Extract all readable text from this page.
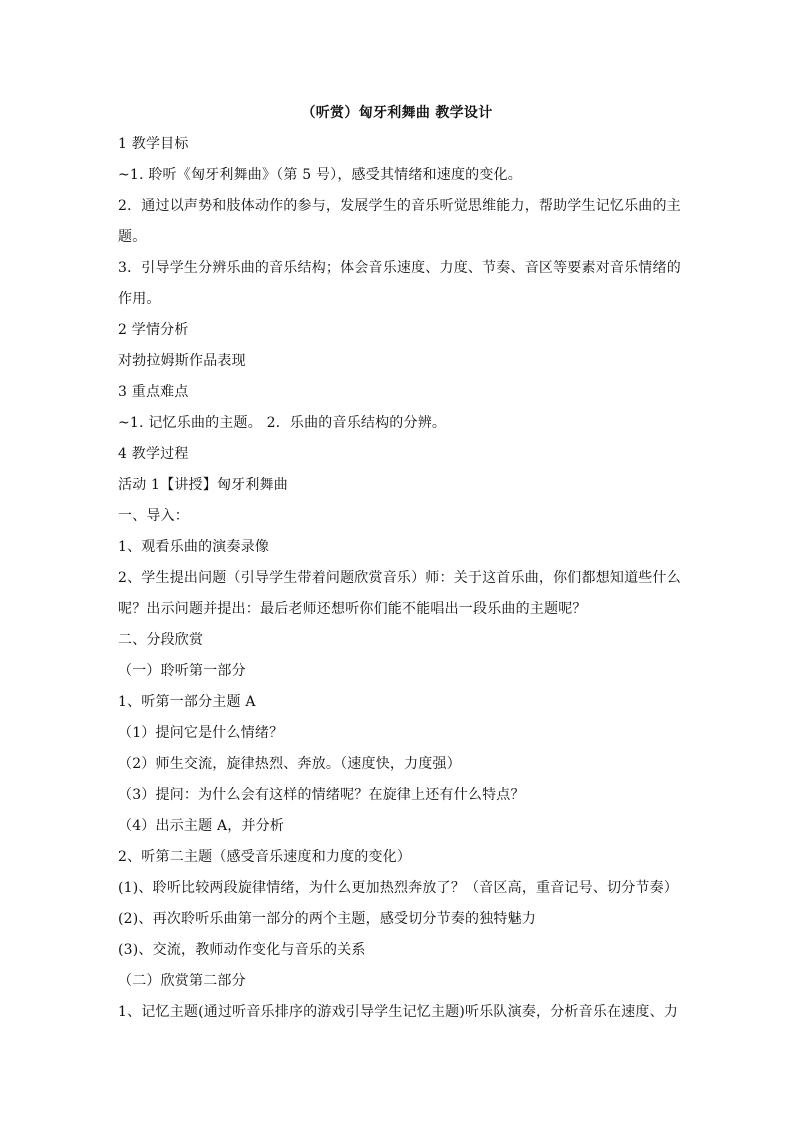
（听赏）匈牙利舞曲 教学设计
1 教学目标
~1. 聆听《匈牙利舞曲》（第 5 号），感受其情绪和速度的变化。
2．通过以声势和肢体动作的参与，发展学生的音乐听觉思维能力，帮助学生记忆乐曲的主
题。
3．引导学生分辨乐曲的音乐结构；体会音乐速度、力度、节奏、音区等要素对音乐情绪的
作用。
2 学情分析
对勃拉姆斯作品表现
3 重点难点
~1. 记忆乐曲的主题。 2．乐曲的音乐结构的分辨。
4 教学过程
活动 1【讲授】匈牙利舞曲
一、导入：
1、观看乐曲的演奏录像
2、学生提出问题（引导学生带着问题欣赏音乐）师：关于这首乐曲，你们都想知道些什么
呢？出示问题并提出：最后老师还想听你们能不能唱出一段乐曲的主题呢？
二、分段欣赏
（一）聆听第一部分
1、听第一部分主题 A
（1）提问它是什么情绪？
（2）师生交流，旋律热烈、奔放。（速度快，力度强）
（3）提问：为什么会有这样的情绪呢？在旋律上还有什么特点？
（4）出示主题 A，并分析
2、听第二主题（感受音乐速度和力度的变化）
(1)、聆听比较两段旋律情绪，为什么更加热烈奔放了？（音区高，重音记号、切分节奏）
(2)、再次聆听乐曲第一部分的两个主题，感受切分节奏的独特魅力
(3)、交流，教师动作变化与音乐的关系
（二）欣赏第二部分
1、记忆主题(通过听音乐排序的游戏引导学生记忆主题)听乐队演奏，分析音乐在速度、力
